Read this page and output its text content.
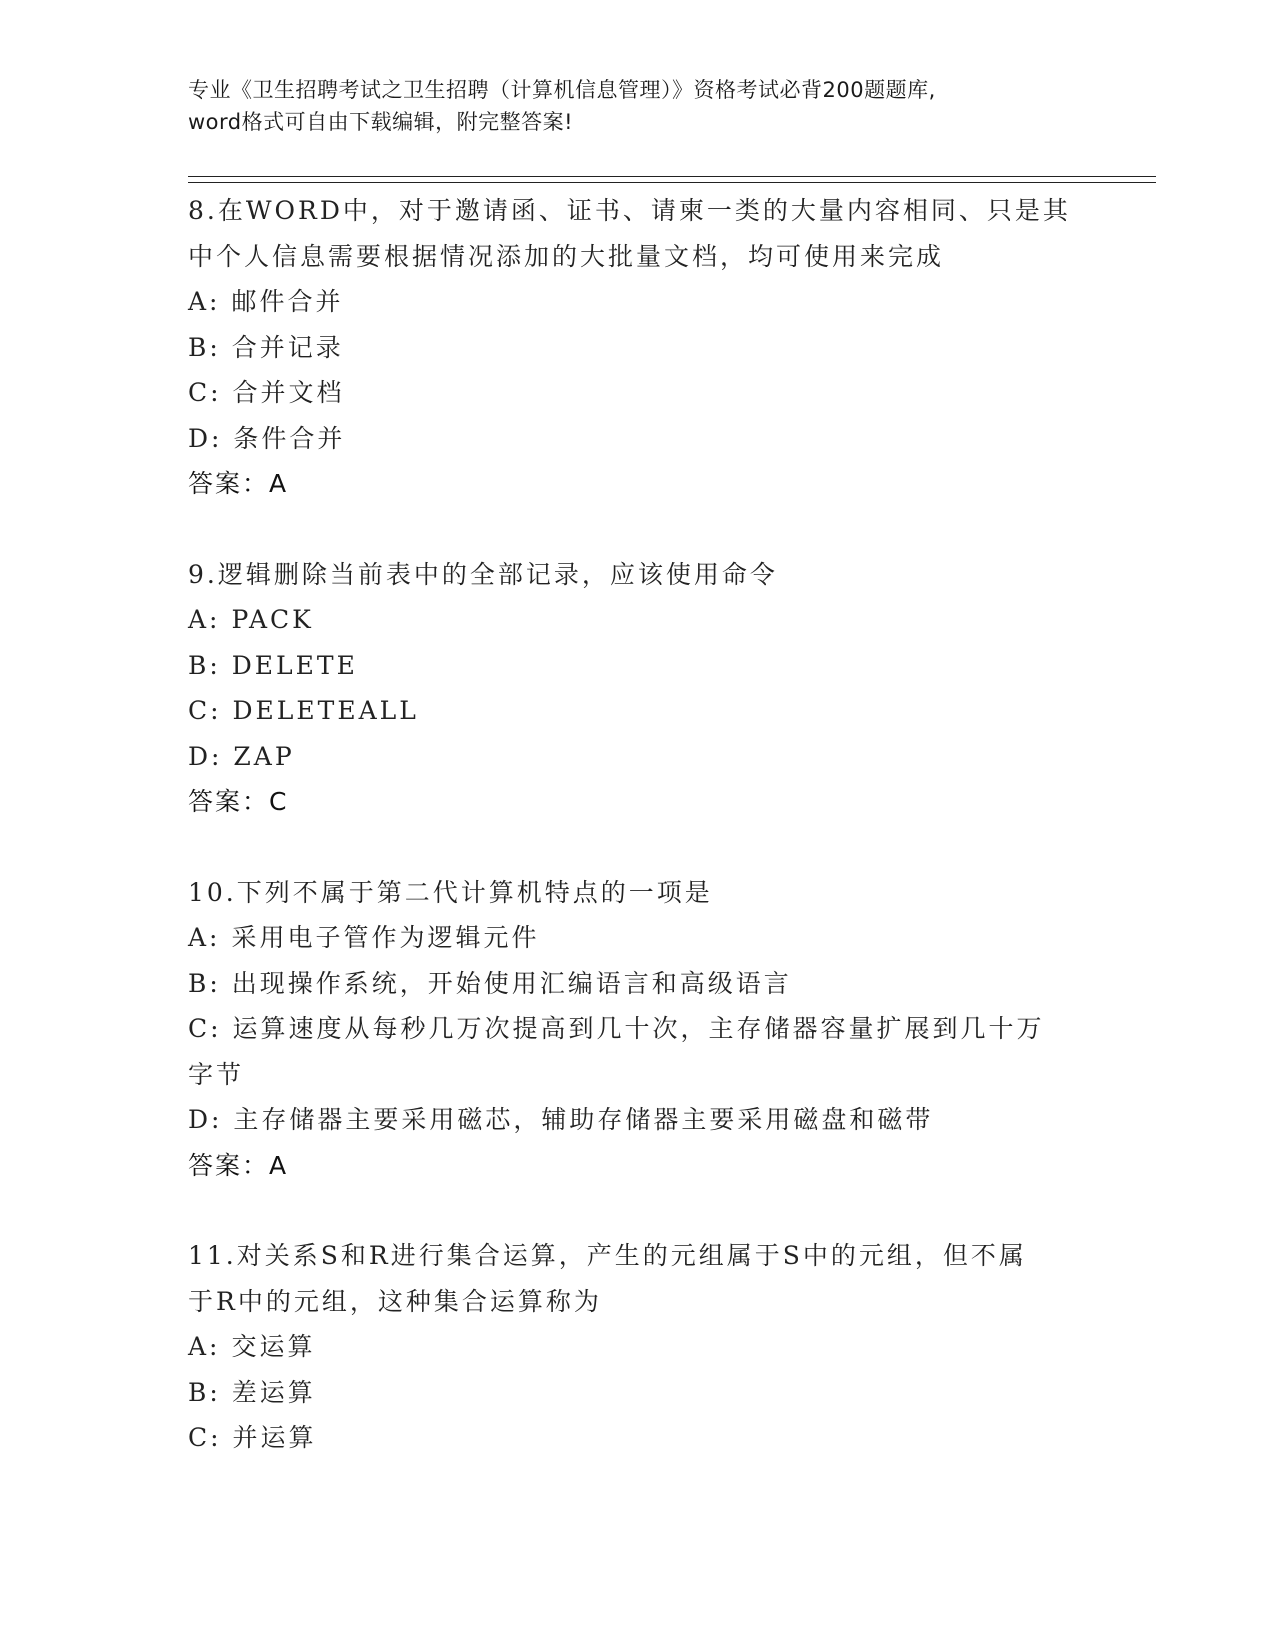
专业《卫生招聘考试之卫生招聘（计算机信息管理）》资格考试必背200题题库,
word格式可自由下载编辑，附完整答案!
8.在WORD中，对于邀请函、证书、请柬一类的大量内容相同、只是其
中个人信息需要根据情况添加的大批量文档，均可使用来完成
A: 邮件合并
B: 合并记录
C: 合并文档
D: 条件合并
答案：A
9.逻辑删除当前表中的全部记录，应该使用命令
A: PACK
B: DELETE
C: DELETEALL
D: ZAP
答案：C
10.下列不属于第二代计算机特点的一项是
A: 采用电子管作为逻辑元件
B: 出现操作系统，开始使用汇编语言和高级语言
C: 运算速度从每秒几万次提高到几十次，主存储器容量扩展到几十万
字节
D: 主存储器主要采用磁芯，辅助存储器主要采用磁盘和磁带
答案：A
11.对关系S和R进行集合运算，产生的元组属于S中的元组，但不属
于R中的元组，这种集合运算称为
A: 交运算
B: 差运算
C: 并运算
